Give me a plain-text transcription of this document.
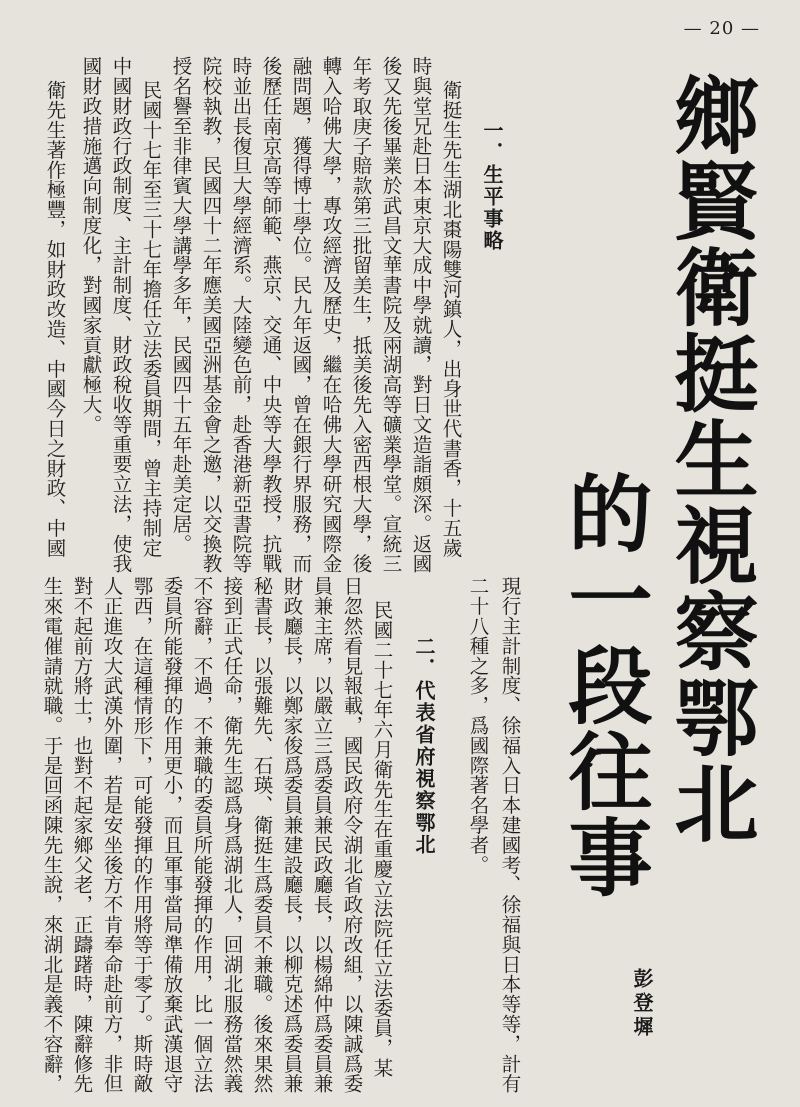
— 20 —
鄉賢衛挺生視察鄂北
的一段往事
彭登墀
一．生平事略
衛挺生先生湖北棗陽雙河鎮人，出身世代書香，十五歲
時與堂兄赴日本東京大成中學就讀，對日文造詣頗深。返國
後又先後畢業於武昌文華書院及兩湖高等礦業學堂。宣統三
年考取庚子賠款第三批留美生，抵美後先入密西根大學，後
轉入哈佛大學，專攻經濟及歷史，繼在哈佛大學研究國際金
融問題，獲得博士學位。民九年返國，曾在銀行界服務，而
後歷任南京高等師範、燕京、交通、中央等大學教授，抗戰
時並出長復旦大學經濟系。大陸變色前，赴香港新亞書院等
院校執教，民國四十二年應美國亞洲基金會之邀，以交換教
授名譽至非律賓大學講學多年，民國四十五年赴美定居。
民國十七年至三十七年擔任立法委員期間，曾主持制定
中國財政行政制度、主計制度、財政稅收等重要立法，使我
國財政措施邁向制度化，對國家貢獻極大。
衛先生著作極豐，如財政改造、中國今日之財政、中國
現行主計制度、徐福入日本建國考、徐福與日本等等，計有
二十八種之多，爲國際著名學者。
二．代表省府視察鄂北
民國二十七年六月衛先生在重慶立法院任立法委員，某
日忽然看見報載，國民政府令湖北省政府改組，以陳誠爲委
員兼主席，以嚴立三爲委員兼民政廳長，以楊綿仲爲委員兼
財政廳長，以鄭家俊爲委員兼建設廳長，以柳克述爲委員兼
秘書長，以張難先、石瑛、衛挺生爲委員不兼職。後來果然
接到正式任命，衛先生認爲身爲湖北人，回湖北服務當然義
不容辭，不過，不兼職的委員所能發揮的作用，比一個立法
委員所能發揮的作用更小，而且軍事當局準備放棄武漢退守
鄂西，在這種情形下，可能發揮的作用將等于零了。斯時敵
人正進攻大武漢外圍，若是安坐後方不肯奉命赴前方，非但
對不起前方將士，也對不起家鄉父老，正躊躇時，陳辭修先
生來電催請就職。于是回函陳先生說，來湖北是義不容辭，
